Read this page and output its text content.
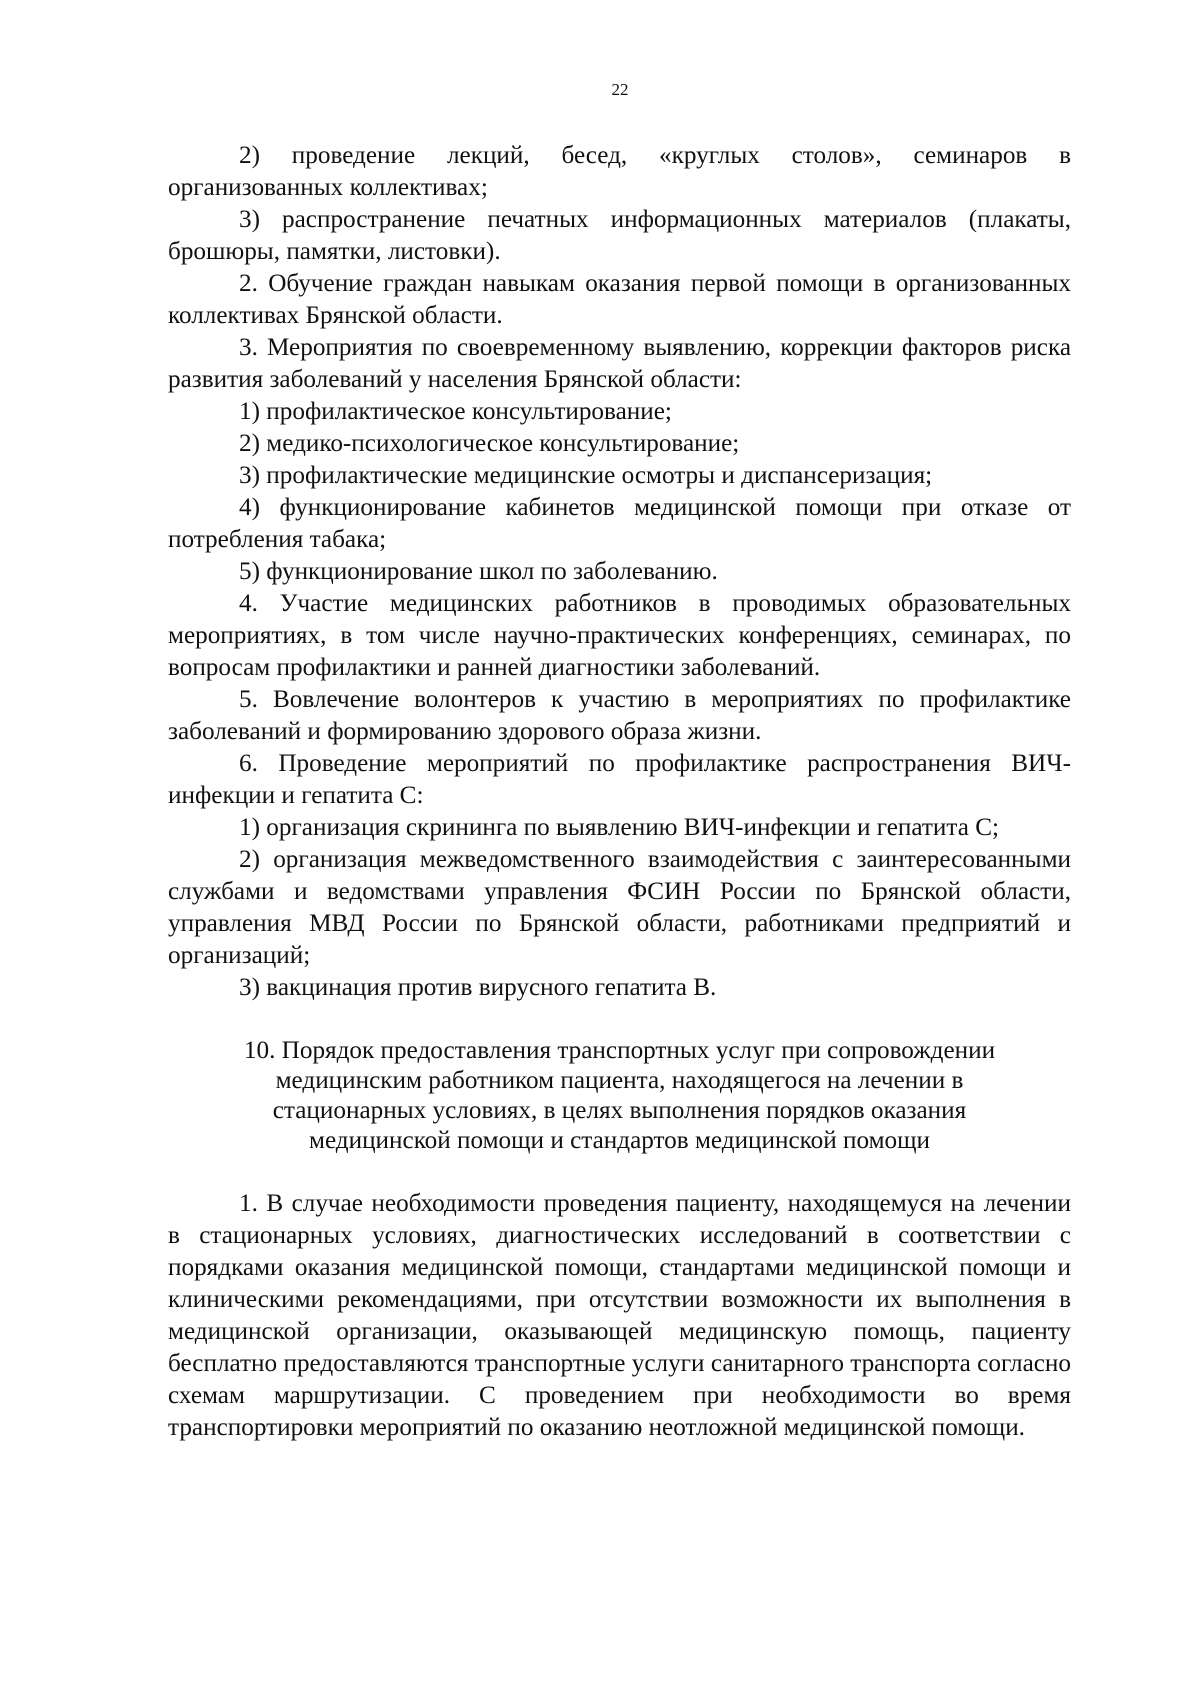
22

2) проведение лекций, бесед, «круглых столов», семинаров в организованных коллективах;

3) распространение печатных информационных материалов (плакаты, брошюры, памятки, листовки).

2. Обучение граждан навыкам оказания первой помощи в организованных коллективах Брянской области.

3. Мероприятия по своевременному выявлению, коррекции факторов риска развития заболеваний у населения Брянской области:

1) профилактическое консультирование;

2) медико-психологическое консультирование;

3) профилактические медицинские осмотры и диспансеризация;

4) функционирование кабинетов медицинской помощи при отказе от потребления табака;

5) функционирование школ по заболеванию.

4. Участие медицинских работников в проводимых образовательных мероприятиях, в том числе научно-практических конференциях, семинарах, по вопросам профилактики и ранней диагностики заболеваний.

5. Вовлечение волонтеров к участию в мероприятиях по профилактике заболеваний и формированию здорового образа жизни.

6. Проведение мероприятий по профилактике распространения ВИЧ-инфекции и гепатита С:

1) организация скрининга по выявлению ВИЧ-инфекции и гепатита С;

2) организация межведомственного взаимодействия с заинтересованными службами и ведомствами управления ФСИН России по Брянской области, управления МВД России по Брянской области, работниками предприятий и организаций;

3) вакцинация против вирусного гепатита В.

10. Порядок предоставления транспортных услуг при сопровождении
медицинским работником пациента, находящегося на лечении в
стационарных условиях, в целях выполнения порядков оказания
медицинской помощи и стандартов медицинской помощи

1. В случае необходимости проведения пациенту, находящемуся на лечении в стационарных условиях, диагностических исследований в соответствии с порядками оказания медицинской помощи, стандартами медицинской помощи и клиническими рекомендациями, при отсутствии возможности их выполнения в медицинской организации, оказывающей медицинскую помощь, пациенту бесплатно предоставляются транспортные услуги санитарного транспорта согласно схемам маршрутизации. С проведением при необходимости во время транспортировки мероприятий по оказанию неотложной медицинской помощи.
